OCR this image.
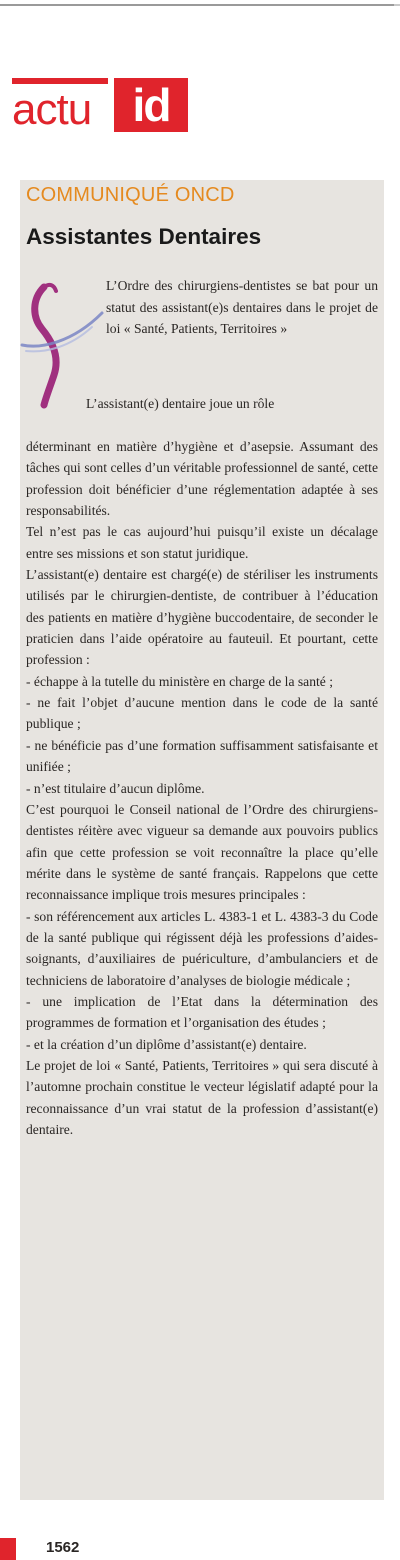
actu id
COMMUNIQUÉ ONCD
Assistantes Dentaires
L’Ordre des chirurgiens-dentistes se bat pour un statut des assistant(e)s dentaires dans le projet de loi « Santé, Patients, Territoires »
L’assistant(e) dentaire joue un rôle

déterminant en matière d’hygiène et d’asepsie. Assumant des tâches qui sont celles d’un véritable professionnel de santé, cette profession doit bénéficier d’une réglementation adaptée à ses responsabilités.

Tel n’est pas le cas aujourd’hui puisqu’il existe un décalage entre ses missions et son statut juridique.

L’assistant(e) dentaire est chargé(e) de stériliser les instruments utilisés par le chirurgien-dentiste, de contribuer à l’éducation des patients en matière d’hygiène buccodentaire, de seconder le praticien dans l’aide opératoire au fauteuil. Et pourtant, cette profession :

- échappe à la tutelle du ministère en charge de la santé ;

- ne fait l’objet d’aucune mention dans le code de la santé publique ;

- ne bénéficie pas d’une formation suffisamment satisfaisante et unifiée ;

- n’est titulaire d’aucun diplôme.

C’est pourquoi le Conseil national de l’Ordre des chirurgiens-dentistes réitère avec vigueur sa demande aux pouvoirs publics afin que cette profession se voit reconnaître la place qu’elle mérite dans le système de santé français. Rappelons que cette reconnaissance implique trois mesures principales :

- son référencement aux articles L. 4383-1 et L. 4383-3 du Code de la santé publique qui régissent déjà les professions d’aides-soignants, d’auxiliaires de puériculture, d’ambulanciers et de techniciens de laboratoire d’analyses de biologie médicale ;

- une implication de l’Etat dans la détermination des programmes de formation et l’organisation des études ;

- et la création d’un diplôme d’assistant(e) dentaire.

Le projet de loi « Santé, Patients, Territoires » qui sera discuté à l’automne prochain constitue le vecteur législatif adapté pour la reconnaissance d’un vrai statut de la profession d’assistant(e) dentaire.

1562
